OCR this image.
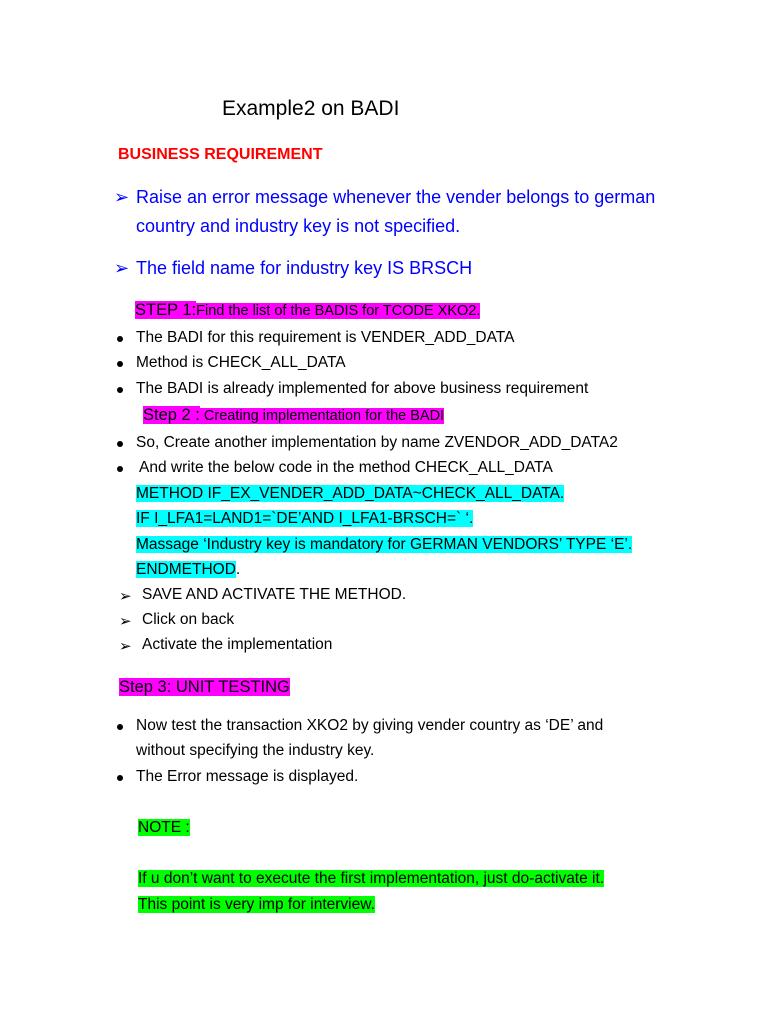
Example2 on BADI
BUSINESS REQUIREMENT
➢ Raise an error message whenever the vender belongs to german
country and industry key is not specified.
➢ The field name for industry key IS BRSCH
STEP 1:Find the list of the BADIS for TCODE XKO2.
The BADI for this requirement is VENDER_ADD_DATA
Method is CHECK_ALL_DATA
The BADI is already implemented for above business requirement
Step 2 : Creating implementation for the BADI
So, Create another implementation by name ZVENDOR_ADD_DATA2
And write the below code in the method CHECK_ALL_DATA
METHOD IF_EX_VENDER_ADD_DATA~CHECK_ALL_DATA.
IF I_LFA1=LAND1=`DE’AND I_LFA1-BRSCH=` ‘.
Massage ‘Industry key is mandatory for GERMAN VENDORS’ TYPE ‘E’.
ENDMETHOD.
➢ SAVE AND ACTIVATE THE METHOD.
➢ Click on back
➢ Activate the implementation
Step 3: UNIT TESTING
Now test the transaction XKO2 by giving vender country as ‘DE’ and
without specifying the industry key.
The Error message is displayed.
NOTE :
If u don’t want to execute the first implementation, just do-activate it.
This point is very imp for interview.
